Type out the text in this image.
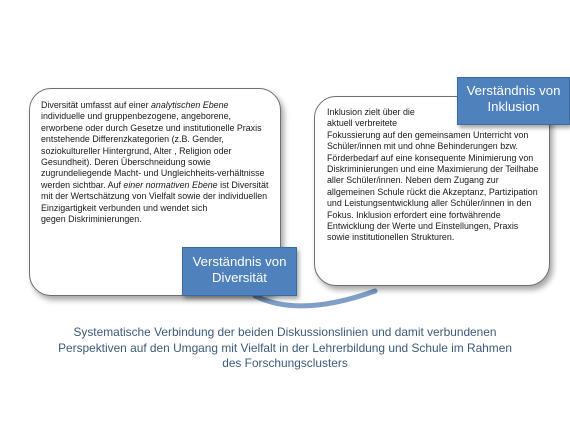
Diversität umfasst auf einer analytischen Ebene individuelle und gruppenbezogene, angeborene, erworbene oder durch Gesetze und institutionelle Praxis entstehende Differenzkategorien (z.B. Gender, soziokultureller Hintergrund, Alter , Religion oder Gesundheit). Deren Überschneidung sowie zugrundeliegende Macht- und Ungleichheits-verhältnisse werden sichtbar. Auf einer normativen Ebene ist Diversität mit der Wertschätzung von Vielfalt sowie der individuellen Einzigartigkeit verbunden und wendet sich
gegen Diskriminierungen.

Inklusion zielt über die
aktuell verbreitete
Fokussierung auf den gemeinsamen Unterricht von Schüler/innen mit und ohne Behinderungen bzw. Förderbedarf auf eine konsequente Minimierung von Diskriminierungen und eine Maximierung der Teilhabe aller Schüler/innen. Neben dem Zugang zur allgemeinen Schule rückt die Akzeptanz, Partizipation und Leistungsentwicklung aller Schüler/innen in den Fokus. Inklusion erfordert eine fortwährende Entwicklung der Werte und Einstellungen, Praxis sowie institutionellen Strukturen.

Verständnis von
Diversität
Verständnis von
Inklusion
Systematische Verbindung der beiden Diskussionslinien und damit verbundenen
Perspektiven auf den Umgang mit Vielfalt in der Lehrerbildung und Schule im Rahmen
des Forschungsclusters
